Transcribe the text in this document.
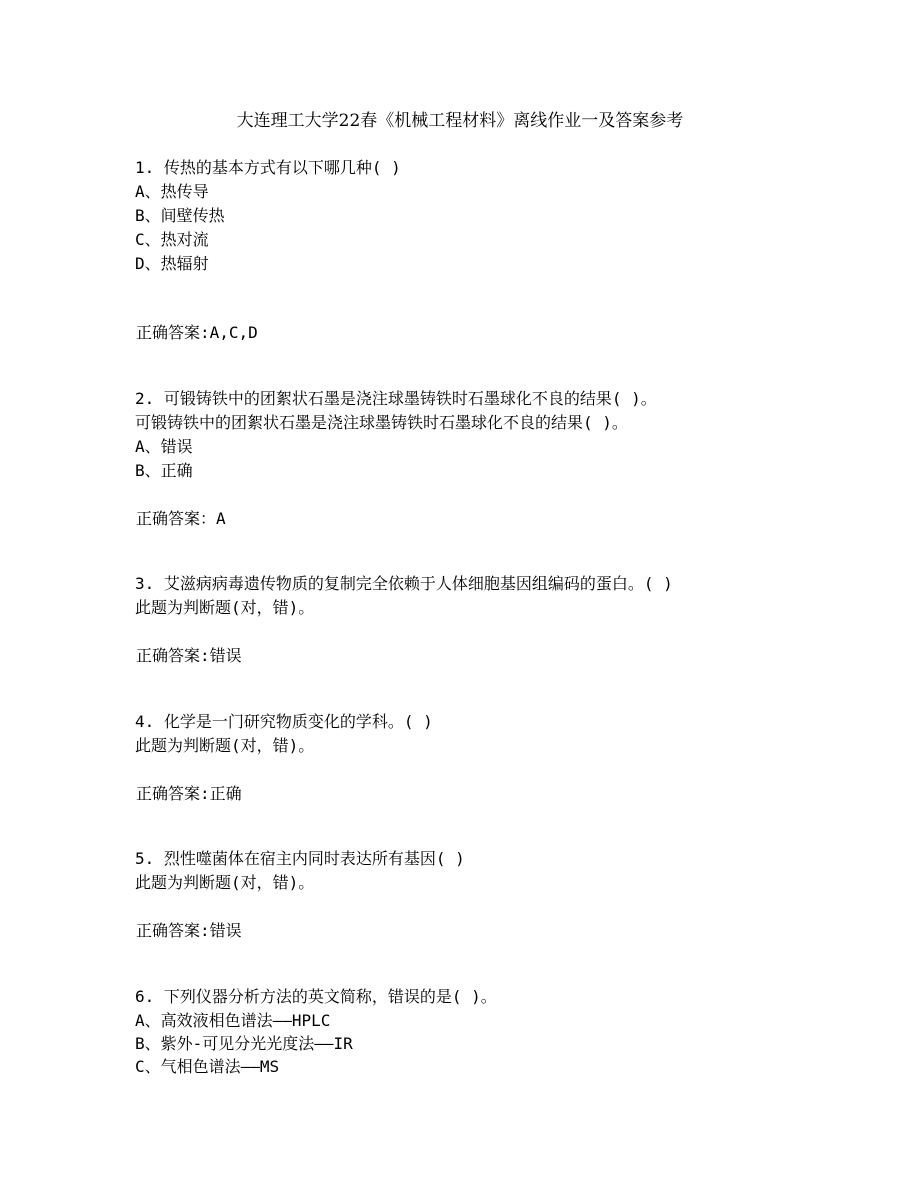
大连理工大学22春《机械工程材料》离线作业一及答案参考
1. 传热的基本方式有以下哪几种( )
A、热传导
B、间壁传热
C、热对流
D、热辐射
正确答案:A,C,D
2. 可锻铸铁中的团絮状石墨是浇注球墨铸铁时石墨球化不良的结果( )。
可锻铸铁中的团絮状石墨是浇注球墨铸铁时石墨球化不良的结果( )。
A、错误
B、正确
正确答案：A
3. 艾滋病病毒遗传物质的复制完全依赖于人体细胞基因组编码的蛋白。( )
此题为判断题(对，错)。
正确答案:错误
4. 化学是一门研究物质变化的学科。( )
此题为判断题(对，错)。
正确答案:正确
5. 烈性噬菌体在宿主内同时表达所有基因( )
此题为判断题(对，错)。
正确答案:错误
6. 下列仪器分析方法的英文简称，错误的是( )。
A、高效液相色谱法——HPLC
B、紫外-可见分光光度法——IR
C、气相色谱法——MS
